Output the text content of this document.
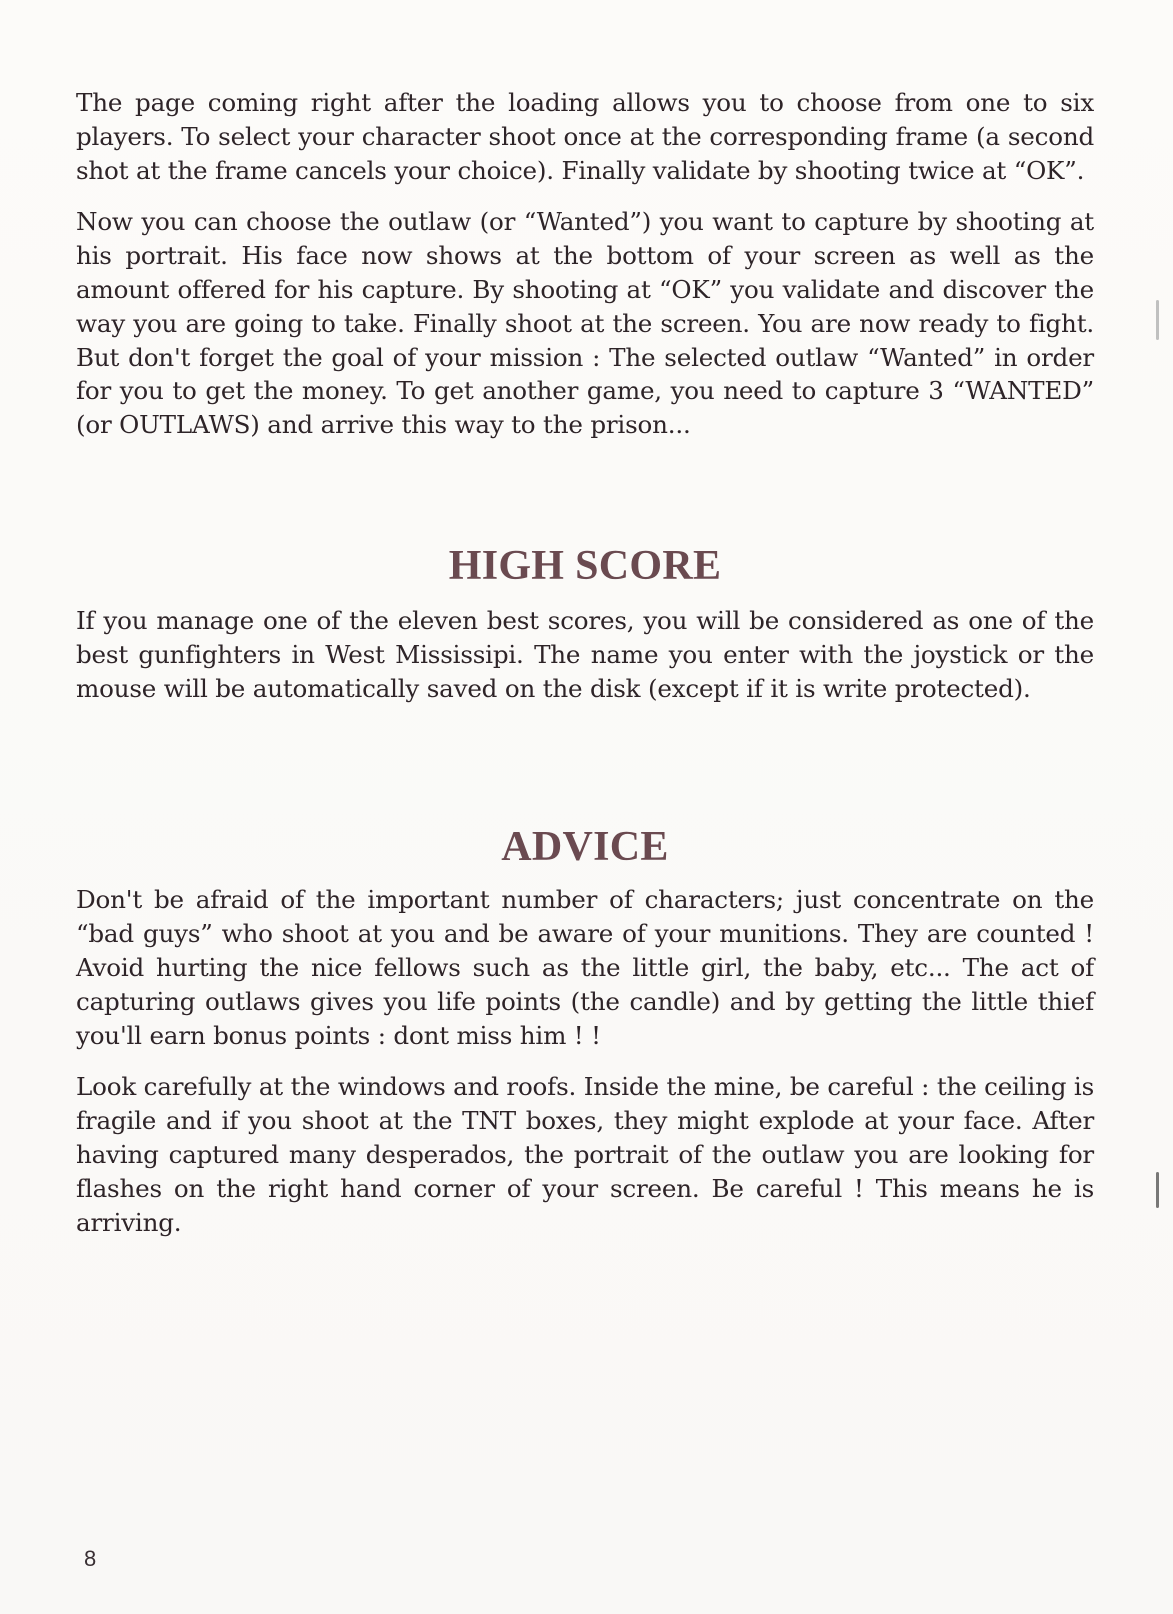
The page coming right after the loading allows you to choose from one to six players. To select your character shoot once at the corresponding frame (a second shot at the frame cancels your choice). Finally validate by shooting twice at “OK”.

Now you can choose the outlaw (or “Wanted”) you want to capture by shooting at his portrait. His face now shows at the bottom of your screen as well as the amount offered for his capture. By shooting at “OK” you validate and discover the way you are going to take. Finally shoot at the screen. You are now ready to fight. But don't forget the goal of your mission : The selected outlaw “Wanted” in order for you to get the money. To get another game, you need to capture 3 “WANTED” (or OUTLAWS) and arrive this way to the prison...

HIGH SCORE

If you manage one of the eleven best scores, you will be considered as one of the best gunfighters in West Mississipi. The name you enter with the joystick or the mouse will be automatically saved on the disk (except if it is write protected).

ADVICE

Don't be afraid of the important number of characters; just concentrate on the “bad guys” who shoot at you and be aware of your munitions. They are counted ! Avoid hurting the nice fellows such as the little girl, the baby, etc... The act of capturing outlaws gives you life points (the candle) and by getting the little thief you'll earn bonus points : dont miss him ! !

Look carefully at the windows and roofs. Inside the mine, be careful : the ceiling is fragile and if you shoot at the TNT boxes, they might explode at your face. After having captured many desperados, the portrait of the outlaw you are looking for flashes on the right hand corner of your screen. Be careful ! This means he is arriving.

8
